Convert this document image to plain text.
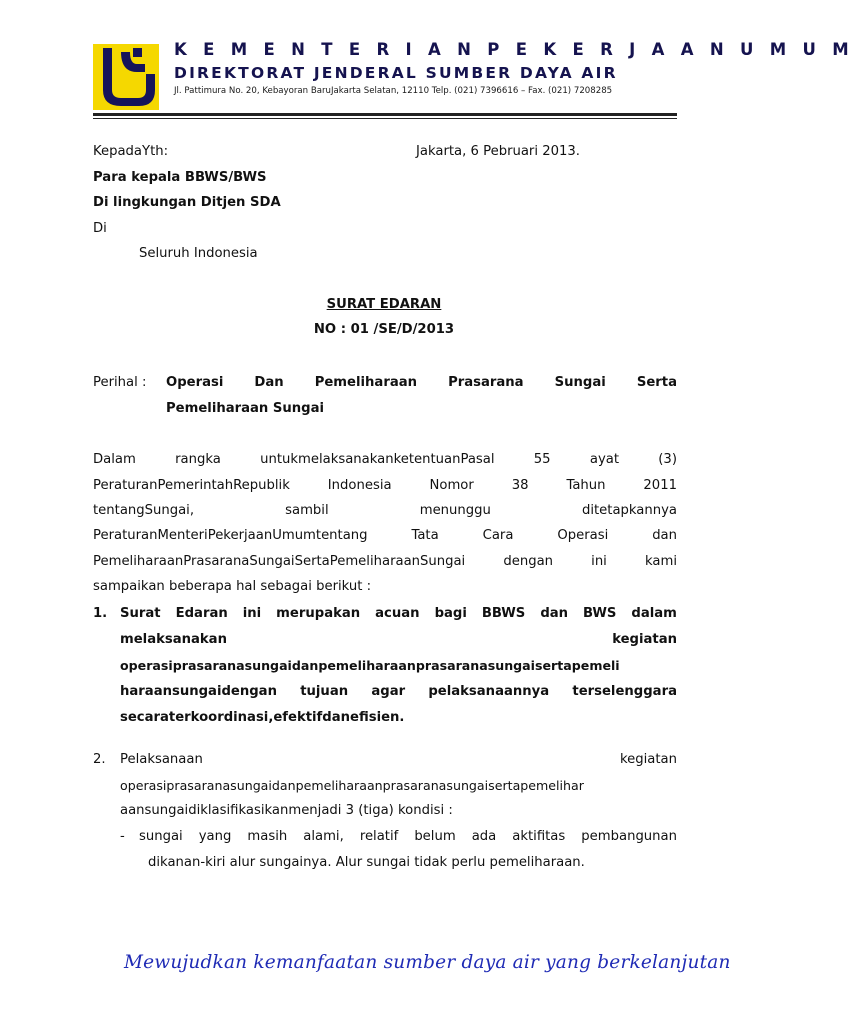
K E M E N T E R I A N P E K E R J A A N U M U M
DIREKTORAT JENDERAL SUMBER DAYA AIR
Jl. Pattimura No. 20, Kebayoran BaruJakarta Selatan, 12110 Telp. (021) 7396616 – Fax. (021) 7208285
KepadaYth:	Jakarta, 6 Pebruari 2013.
Para kepala BBWS/BWS
Di lingkungan Ditjen SDA
Di
Seluruh Indonesia
SURAT EDARAN
NO : 01 /SE/D/2013
Perihal : Operasi Dan Pemeliharaan Prasarana Sungai Serta
Pemeliharaan Sungai
Dalam	rangka	untukmelaksanakanketentuanPasal	55	ayat	(3)
PeraturanPemerintahRepublik	Indonesia	Nomor	38	Tahun	2011
tentangSungai,	sambil	menunggu	ditetapkannya
PeraturanMenteriPekerjaanUmumtentang	Tata	Cara	Operasi	dan
PemeliharaanPrasaranaSungaiSertaPemeliharaanSungai	dengan	ini	kami
sampaikan beberapa hal sebagai berikut :
1. Surat Edaran ini merupakan acuan bagi BBWS dan BWS dalam
melaksanakan	kegiatan
operasiprasaranasungaidanpemeliharaanprasaranasungaisertapemeli
haraansungaidengan tujuan agar pelaksanaannya terselenggara
secaraterkoordinasi,efektifdanefisien.
2. Pelaksanaan	kegiatan
operasiprasaranasungaidanpemeliharaanprasaranasungaisertapemelihar
aansungaidiklasifikasikanmenjadi 3 (tiga) kondisi :
- sungai yang masih alami, relatif belum ada aktifitas pembangunan
dikanan-kiri alur sungainya. Alur sungai tidak perlu pemeliharaan.
Mewujudkan kemanfaatan sumber daya air yang berkelanjutan
